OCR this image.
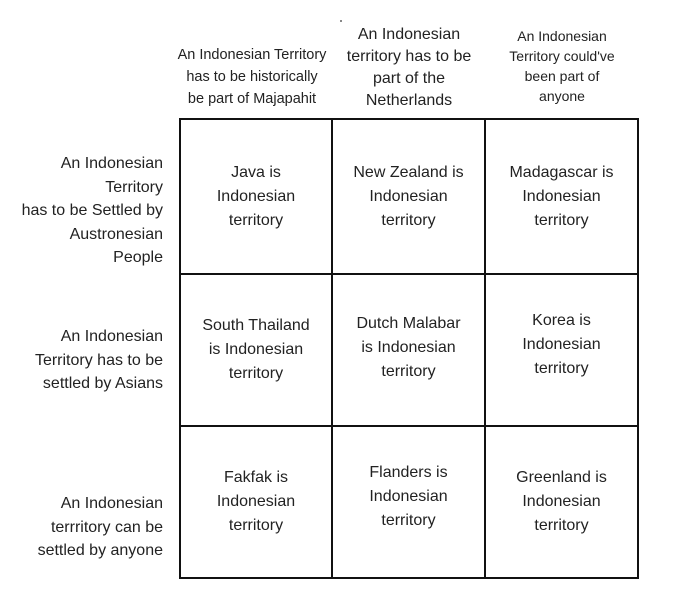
An Indonesian Territory
has to be historically
be part of Majapahit
An Indonesian
territory has to be
part of the
Netherlands
An Indonesian
Territory could've
been part of
anyone
An Indonesian
Territory
has to be Settled by
Austronesian
People
An Indonesian
Territory has to be
settled by Asians
An Indonesian
terrritory can be
settled by anyone
Java is
Indonesian
territory
New Zealand is
Indonesian
territory
Madagascar is
Indonesian
territory
South Thailand
is Indonesian
territory
Dutch Malabar
is Indonesian
territory
Korea is
Indonesian
territory
Fakfak is
Indonesian
territory
Flanders is
Indonesian
territory
Greenland is
Indonesian
territory
